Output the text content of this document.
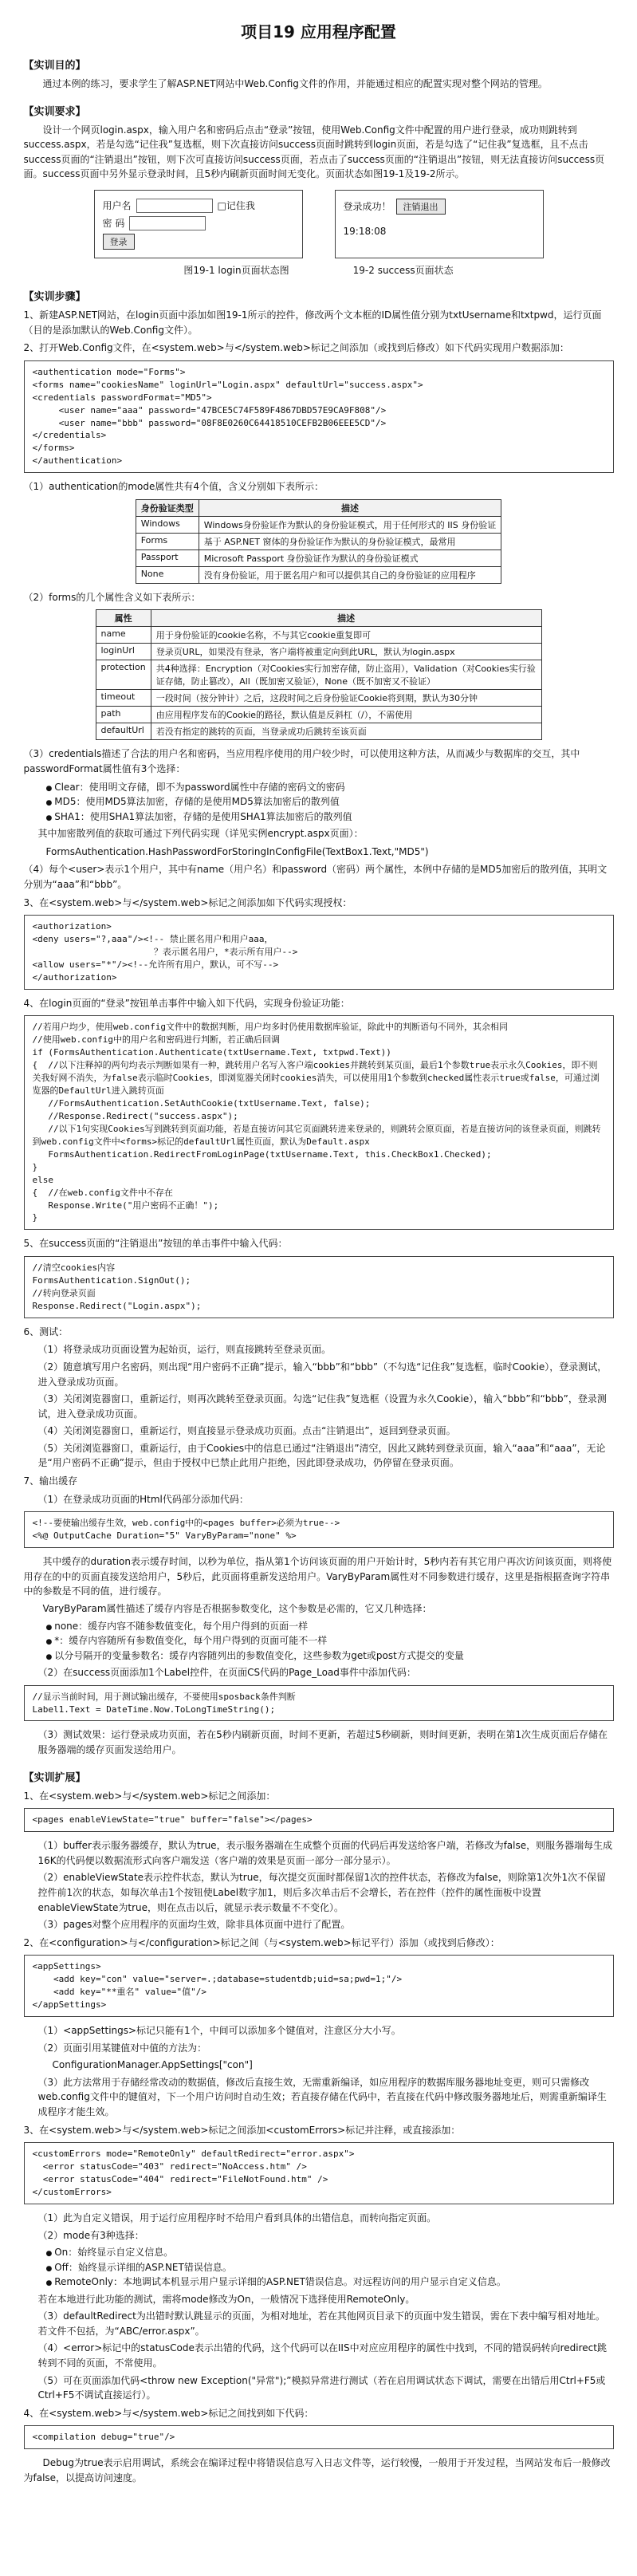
项目19 应用程序配置
【实训目的】
通过本例的练习，要求学生了解ASP.NET网站中Web.Config文件的作用，并能通过相应的配置实现对整个网站的管理。
【实训要求】
设计一个网页login.aspx，输入用户名和密码后点击“登录”按钮，使用Web.Config文件中配置的用户进行登录，成功则跳转到success.aspx，若是勾选“记住我”复选框，则下次直接访问success页面时跳转到login页面，若是勾选了“记住我”复选框，且不点击success页面的“注销退出”按钮，则下次可直接访问success页面，若点击了success页面的“注销退出”按钮，则无法直接访问success页面。success页面中另外显示登录时间，且5秒内刷新页面时间无变化。页面状态如图19-1及19-2所示。
用户名	□记住我
密 码
登录
登录成功！	注销退出
19:18:08
图19-1 login页面状态图	19-2 success页面状态
【实训步骤】
1、新建ASP.NET网站，在login页面中添加如图19-1所示的控件，修改两个文本框的ID属性值分别为txtUsername和txtpwd，运行页面（目的是添加默认的Web.Config文件）。
2、打开Web.Config文件，在<system.web>与</system.web>标记之间添加（或找到后修改）如下代码实现用户数据添加：
<authentication mode="Forms">
<forms name="cookiesName" loginUrl="Login.aspx" defaultUrl="success.aspx">
<credentials passwordFormat="MD5">
<user name="aaa" password="47BCE5C74F589F4867DBD57E9CA9F808"/>
<user name="bbb" password="08F8E0260C64418510CEFB2B06EEE5CD"/>
</credentials>
</forms>
</authentication>
（1）authentication的mode属性共有4个值，含义分别如下表所示：
身份验证类型	描述
Windows	Windows身份验证作为默认的身份验证模式，用于任何形式的 IIS 身份验证
Forms	基于 ASP.NET 窗体的身份验证作为默认的身份验证模式，最常用
Passport	Microsoft Passport 身份验证作为默认的身份验证模式
None	没有身份验证，用于匿名用户和可以提供其自己的身份验证的应用程序
（2）forms的几个属性含义如下表所示：
属性	描述
name	用于身份验证的cookie名称，不与其它cookie重复即可
loginUrl	登录页URL，如果没有登录，客户端将被重定向到此URL，默认为login.aspx
protection	共4种选择：Encryption（对Cookies实行加密存储，防止盗用），Validation（对Cookies实行验证存储，防止篡改），All（既加密又验证），None（既不加密又不验证）
timeout	一段时间（按分钟计）之后，这段时间之后身份验证Cookie将到期，默认为30分钟
path	由应用程序发布的Cookie的路径，默认值是反斜杠（/），不需使用
defaultUrl	若没有指定的跳转的页面，当登录成功后跳转至该页面
（3）credentials描述了合法的用户名和密码，当应用程序使用的用户较少时，可以使用这种方法，从而减少与数据库的交互，其中passwordFormat属性值有3个选择：
● Clear：使用明文存储，即不为password属性中存储的密码文的密码
● MD5：使用MD5算法加密，存储的是使用MD5算法加密后的散列值
● SHA1：使用SHA1算法加密，存储的是使用SHA1算法加密后的散列值
其中加密散列值的获取可通过下列代码实现（详见实例encrypt.aspx页面）：
FormsAuthentication.HashPasswordForStoringInConfigFile(TextBox1.Text,"MD5")
（4）每个<user>表示1个用户，其中有name（用户名）和password（密码）两个属性，本例中存储的是MD5加密后的散列值，其明文分别为“aaa”和“bbb”。
3、在<system.web>与</system.web>标记之间添加如下代码实现授权：
<authorization>
<deny users="?,aaa"/><!-- 禁止匿名用户和用户aaa，
？表示匿名用户，*表示所有用户-->
<allow users="*"/><!--允许所有用户，默认，可不写-->
</authorization>
4、在login页面的“登录”按钮单击事件中输入如下代码，实现身份验证功能：
//若用户均少，使用web.config文件中的数据判断，用户均多时仍使用数据库验证，除此中的判断语句不同外，其余相同
//使用web.config中的用户名和密码进行判断，若正确后回调
if (FormsAuthentication.Authenticate(txtUsername.Text, txtpwd.Text))
{  //以下注释掉的两句均表示判断如果有一种，跳转用户名写入客户端cookies并跳转到某页面，最后1个参数true表示永久Cookies，即不则关我好网不消失，为false表示临时Cookies，即浏览器关闭时cookies消失，可以使用用1个参数到checked属性表示true或false，可通过浏览器的DefaultUrl进入跳转页面
//FormsAuthentication.SetAuthCookie(txtUsername.Text, false);
//Response.Redirect("success.aspx");
//以下1句实现Cookies写到跳转到页面功能，若是直接访问其它页面跳转进来登录的，则跳转会原页面，若是直接访问的该登录页面，则跳转到web.config文件中<forms>标记的defaultUrl属性页面，默认为Default.aspx
FormsAuthentication.RedirectFromLoginPage(txtUsername.Text, this.CheckBox1.Checked);
}
else
{  //在web.config文件中不存在
Response.Write("用户密码不正确！");
}
5、在success页面的“注销退出”按钮的单击事件中输入代码：
//清空cookies内容
FormsAuthentication.SignOut();
//转向登录页面
Response.Redirect("Login.aspx");
6、测试：
（1）将登录成功页面设置为起始页，运行，则直接跳转至登录页面。
（2）随意填写用户名密码，则出现“用户密码不正确”提示，输入“bbb”和“bbb”（不勾选“记住我”复选框，临时Cookie），登录测试，进入登录成功页面。
（3）关闭浏览器窗口，重新运行，则再次跳转至登录页面。勾选“记住我”复选框（设置为永久Cookie），输入“bbb”和“bbb”，登录测试，进入登录成功页面。
（4）关闭浏览器窗口，重新运行，则直接显示登录成功页面。点击“注销退出”，返回到登录页面。
（5）关闭浏览器窗口，重新运行，由于Cookies中的信息已通过“注销退出”清空，因此又跳转到登录页面，输入“aaa”和“aaa”，无论是“用户密码不正确”提示，但由于授权中已禁止此用户拒绝，因此即登录成功，仍停留在登录页面。
7、输出缓存
（1）在登录成功页面的Html代码部分添加代码：
<!--要使输出缓存生效，web.config中的<pages buffer>必须为true-->
<%@ OutputCache Duration="5" VaryByParam="none" %>
其中缓存的duration表示缓存时间，以秒为单位，指从第1个访问该页面的用户开始计时，5秒内若有其它用户再次访问该页面，则将使用存在的中的页面直接发送给用户，5秒后，此页面将重新发送给用户。VaryByParam属性对不同参数进行缓存，这里是指根据查询字符串中的参数是不同的值，进行缓存。
VaryByParam属性描述了缓存内容是否根据参数变化，这个参数是必需的，它又几种选择：
● none：缓存内容不随参数值变化，每个用户得到的页面一样
● *：缓存内容随所有参数值变化，每个用户得到的页面可能不一样
● 以分号隔开的变量参数名：缓存内容随列出的参数值变化，这些参数为get或post方式提交的变量
（2）在success页面添加1个Label控件，在页面CS代码的Page_Load事件中添加代码：
//显示当前时间，用于测试输出缓存，不要使用sposback条件判断
Label1.Text = DateTime.Now.ToLongTimeString();
（3）测试效果：运行登录成功页面，若在5秒内刷新页面，时间不更新，若超过5秒刷新，则时间更新，表明在第1次生成页面后存储在服务器端的缓存页面发送给用户。
【实训扩展】
1、在<system.web>与</system.web>标记之间添加：
<pages enableViewState="true" buffer="false"></pages>
（1）buffer表示服务器缓存，默认为true，表示服务器端在生成整个页面的代码后再发送给客户端，若修改为false，则服务器端每生成16K的代码便以数据流形式向客户端发送（客户端的效果是页面一部分一部分显示）。
（2）enableViewState表示控件状态，默认为true，每次提交页面时都保留1次的控件状态，若修改为false，则除第1次外1次不保留控件前1次的状态，如每次单击1个按钮使Label数字加1，则后多次单击后不会增长，若在控件（控件的属性面板中设置enableViewState为true，则在点击以后，就显示表示数量不不变化）。
（3）pages对整个应用程序的页面均生效，除非具体页面中进行了配置。
2、在<configuration>与</configuration>标记之间（与<system.web>标记平行）添加（或找到后修改）：
<appSettings>
<add key="con" value="server=.;database=studentdb;uid=sa;pwd=1;"/>
<add key="**重名" value="值"/>
</appSettings>
（1）<appSettings>标记只能有1个，中间可以添加多个键值对，注意区分大小写。
（2）页面引用某键值对中值的方法为：
ConfigurationManager.AppSettings["con"]
（3）此方法常用于存储经常改动的数据值，修改后直接生效，无需重新编译，如应用程序的数据库服务器地址变更，则可只需修改web.config文件中的键值对，下一个用户访问时自动生效；若直接存储在代码中，若直接在代码中修改服务器地址后，则需重新编译生成程序才能生效。
3、在<system.web>与</system.web>标记之间添加<customErrors>标记并注释，或直接添加：
<customErrors mode="RemoteOnly" defaultRedirect="error.aspx">
<error statusCode="403" redirect="NoAccess.htm" />
<error statusCode="404" redirect="FileNotFound.htm" />
</customErrors>
（1）此为自定义错误，用于运行应用程序时不给用户看到具体的出错信息，而转向指定页面。
（2）mode有3种选择：
● On：始终显示自定义信息。
● Off：始终显示详细的ASP.NET错误信息。
● RemoteOnly：本地调试本机显示用户显示详细的ASP.NET错误信息。对远程访问的用户显示自定义信息。
若在本地进行此功能的测试，需将mode修改为On，一般情况下选择使用RemoteOnly。
（3）defaultRedirect为出错时默认跳显示的页面，为相对地址，若在其他网页目录下的页面中发生错误，需在下表中编写相对地址。若文件不包括，为“ABC/error.aspx”。
（4）<error>标记中的statusCode表示出错的代码，这个代码可以在IIS中对应应用程序的属性中找到，不同的错误码转向redirect跳转到不同的页面，不常使用。
（5）可在页面添加代码<throw new Exception("异常");”模拟异常进行测试（若在启用调试状态下调试，需要在出错后用Ctrl+F5或Ctrl+F5不调试直接运行）。
4、在<system.web>与</system.web>标记之间找到如下代码：
<compilation debug="true"/>
Debug为true表示启用调试，系统会在编译过程中将错误信息写入日志文件等，运行较慢，一般用于开发过程，当网站发布后一般修改为false，以提高访问速度。
